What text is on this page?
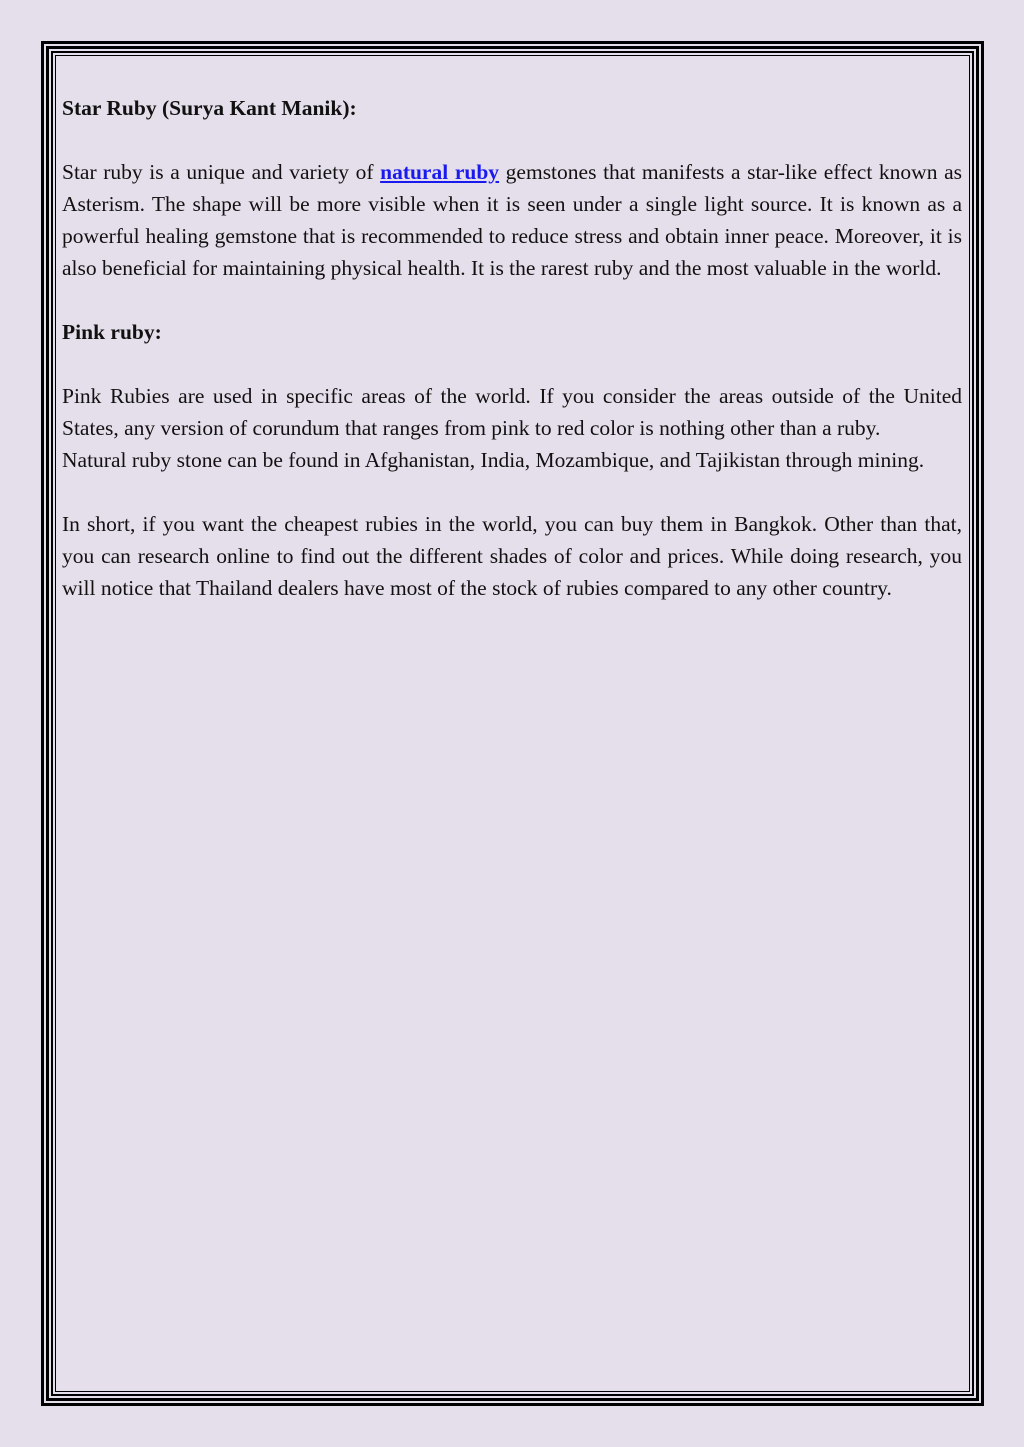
Star Ruby (Surya Kant Manik):

Star ruby is a unique and variety of natural ruby gemstones that manifests a star-like effect known as Asterism. The shape will be more visible when it is seen under a single light source. It is known as a powerful healing gemstone that is recommended to reduce stress and obtain inner peace. Moreover, it is also beneficial for maintaining physical health. It is the rarest ruby and the most valuable in the world.

Pink ruby:

Pink Rubies are used in specific areas of the world. If you consider the areas outside of the United States, any version of corundum that ranges from pink to red color is nothing other than a ruby.

Natural ruby stone can be found in Afghanistan, India, Mozambique, and Tajikistan through mining.

In short, if you want the cheapest rubies in the world, you can buy them in Bangkok. Other than that, you can research online to find out the different shades of color and prices. While doing research, you will notice that Thailand dealers have most of the stock of rubies compared to any other country.
